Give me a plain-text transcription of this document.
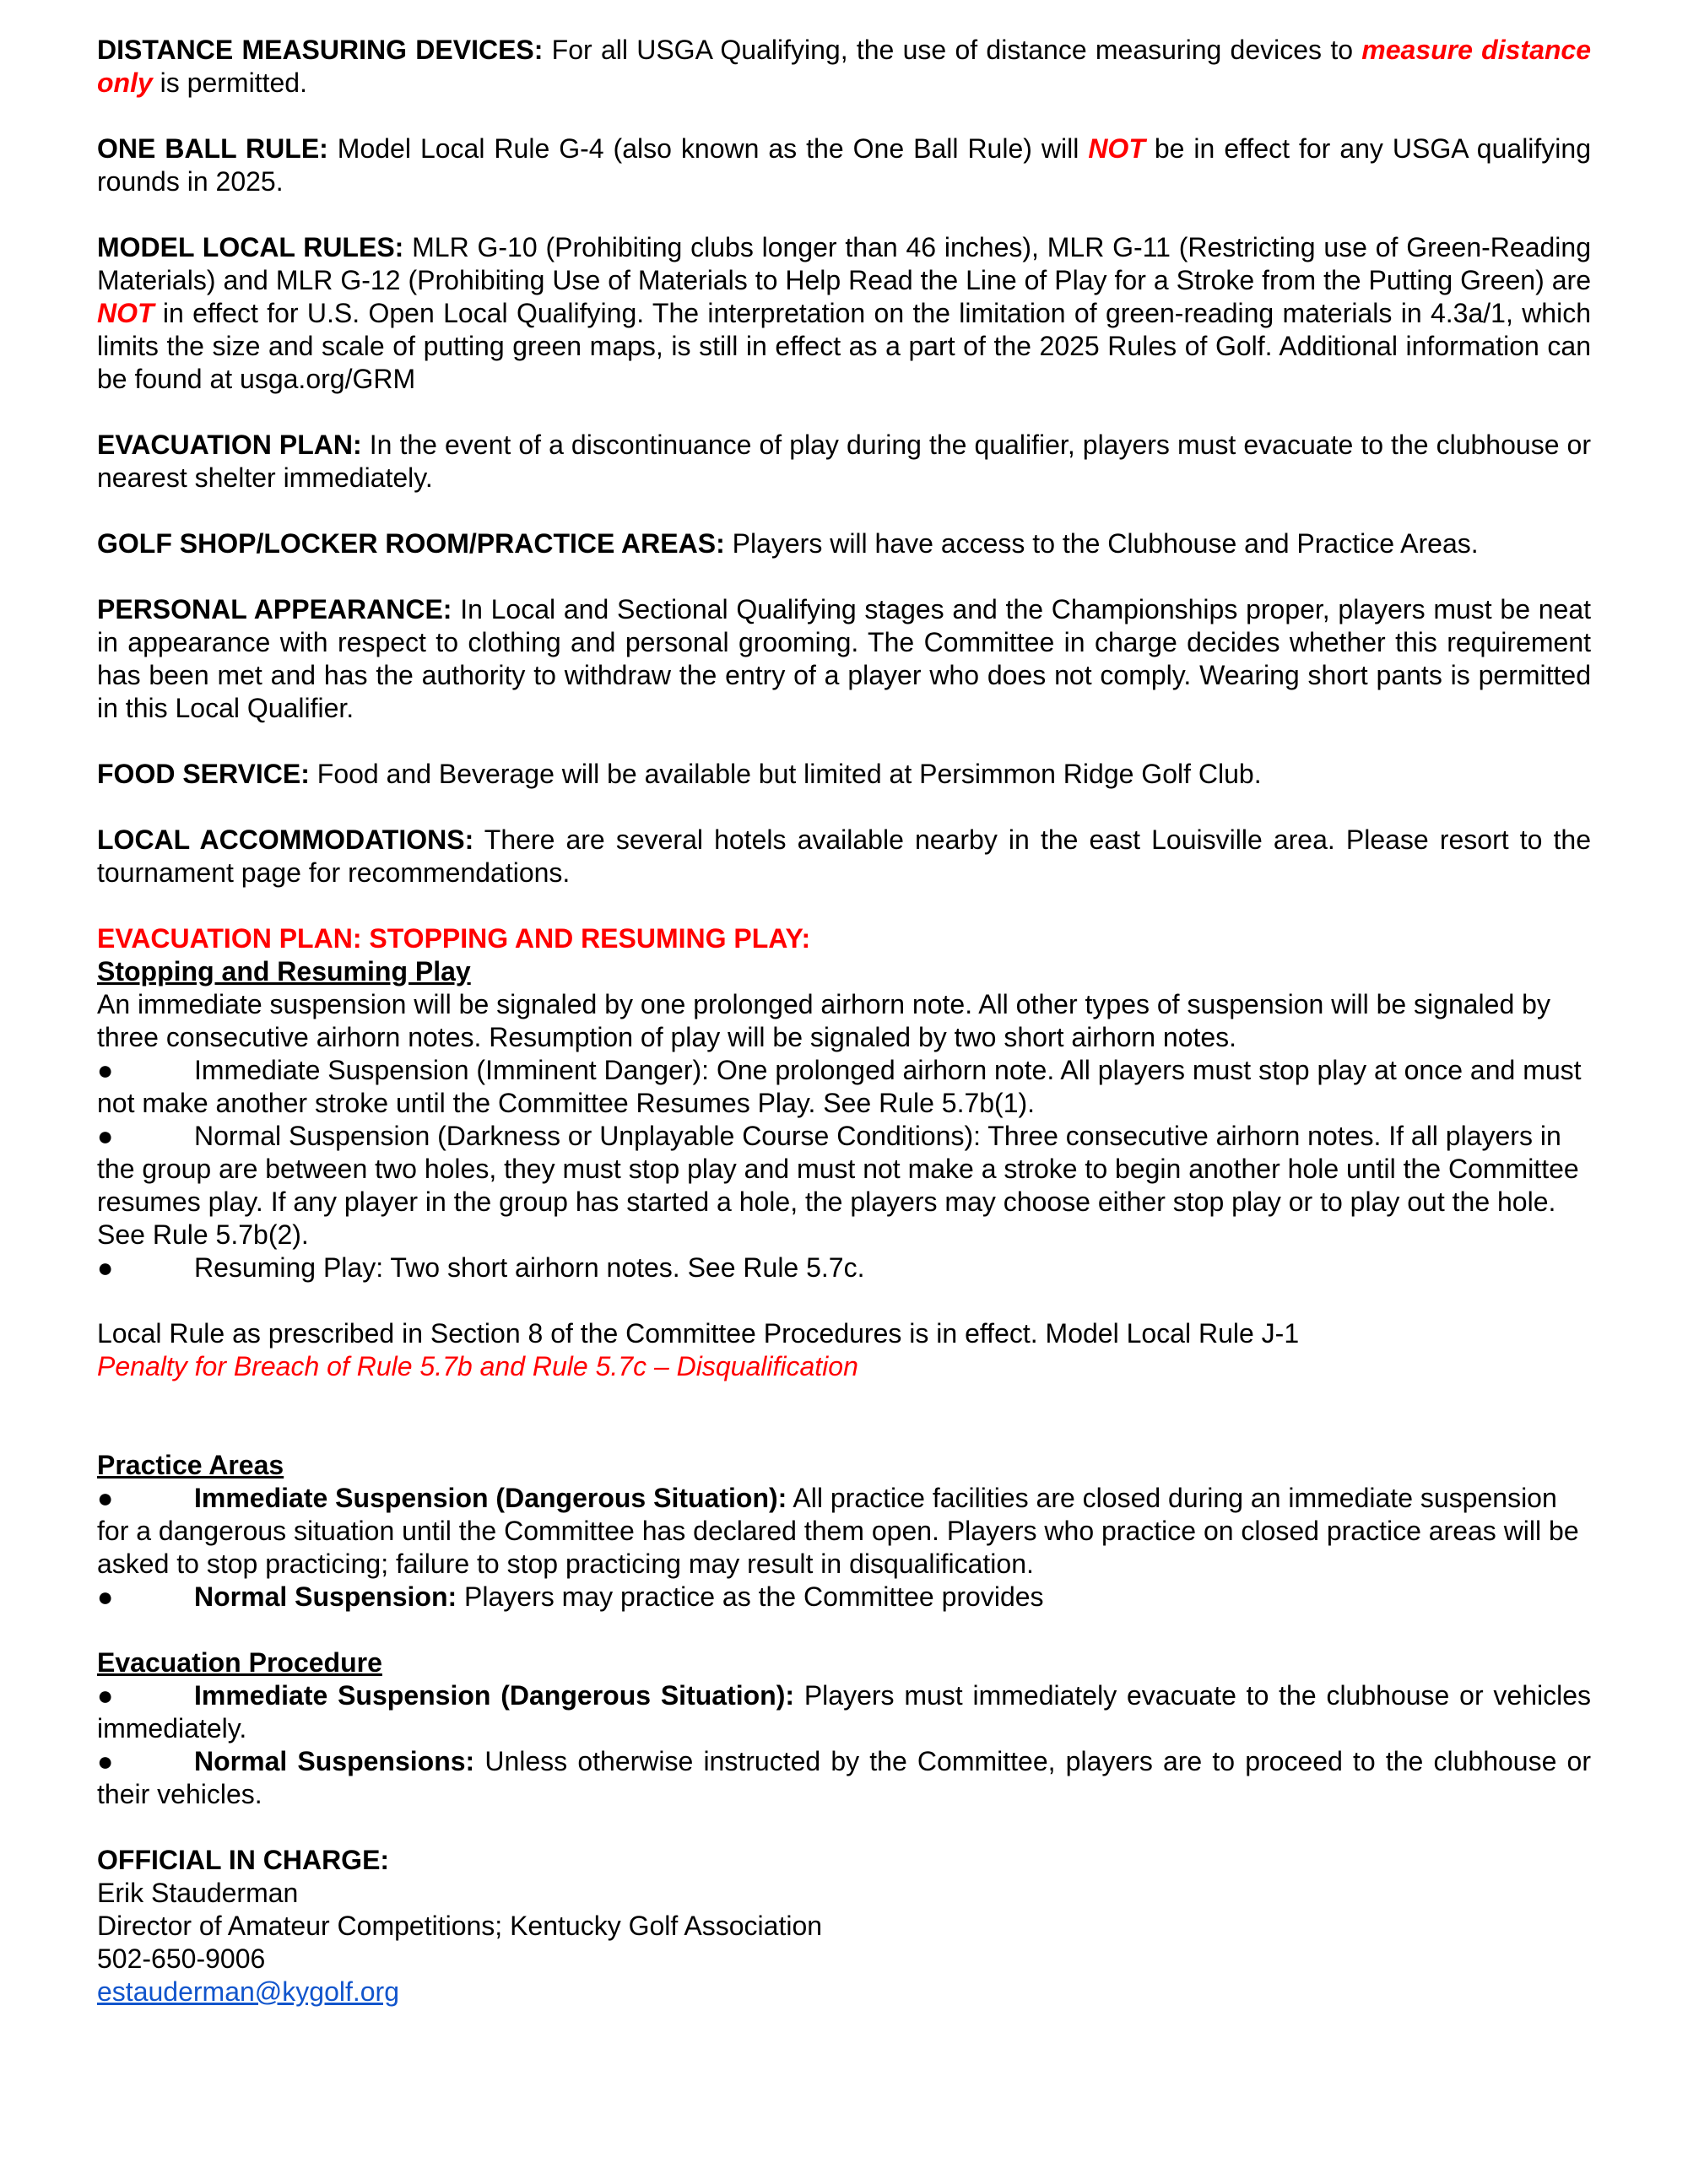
DISTANCE MEASURING DEVICES: For all USGA Qualifying, the use of distance measuring devices to measure distance only is permitted.

ONE BALL RULE: Model Local Rule G-4 (also known as the One Ball Rule) will NOT be in effect for any USGA qualifying rounds in 2025.

MODEL LOCAL RULES: MLR G-10 (Prohibiting clubs longer than 46 inches), MLR G-11 (Restricting use of Green-Reading Materials) and MLR G-12 (Prohibiting Use of Materials to Help Read the Line of Play for a Stroke from the Putting Green) are NOT in effect for U.S. Open Local Qualifying. The interpretation on the limitation of green-reading materials in 4.3a/1, which limits the size and scale of putting green maps, is still in effect as a part of the 2025 Rules of Golf. Additional information can be found at usga.org/GRM

EVACUATION PLAN: In the event of a discontinuance of play during the qualifier, players must evacuate to the clubhouse or nearest shelter immediately.

GOLF SHOP/LOCKER ROOM/PRACTICE AREAS: Players will have access to the Clubhouse and Practice Areas.

PERSONAL APPEARANCE: In Local and Sectional Qualifying stages and the Championships proper, players must be neat in appearance with respect to clothing and personal grooming. The Committee in charge decides whether this requirement has been met and has the authority to withdraw the entry of a player who does not comply. Wearing short pants is permitted in this Local Qualifier.

FOOD SERVICE: Food and Beverage will be available but limited at Persimmon Ridge Golf Club.

LOCAL ACCOMMODATIONS: There are several hotels available nearby in the east Louisville area. Please resort to the tournament page for recommendations.

EVACUATION PLAN: STOPPING AND RESUMING PLAY:

Stopping and Resuming Play

An immediate suspension will be signaled by one prolonged airhorn note. All other types of suspension will be signaled by three consecutive airhorn notes. Resumption of play will be signaled by two short airhorn notes.

●	Immediate Suspension (Imminent Danger): One prolonged airhorn note. All players must stop play at once and must not make another stroke until the Committee Resumes Play. See Rule 5.7b(1).

●	Normal Suspension (Darkness or Unplayable Course Conditions): Three consecutive airhorn notes. If all players in the group are between two holes, they must stop play and must not make a stroke to begin another hole until the Committee resumes play. If any player in the group has started a hole, the players may choose either stop play or to play out the hole. See Rule 5.7b(2).

●	Resuming Play: Two short airhorn notes. See Rule 5.7c.

Local Rule as prescribed in Section 8 of the Committee Procedures is in effect. Model Local Rule J-1

Penalty for Breach of Rule 5.7b and Rule 5.7c – Disqualification

Practice Areas

●	Immediate Suspension (Dangerous Situation): All practice facilities are closed during an immediate suspension for a dangerous situation until the Committee has declared them open. Players who practice on closed practice areas will be asked to stop practicing; failure to stop practicing may result in disqualification.

●	Normal Suspension: Players may practice as the Committee provides

Evacuation Procedure

●	Immediate Suspension (Dangerous Situation): Players must immediately evacuate to the clubhouse or vehicles immediately.

●	Normal Suspensions: Unless otherwise instructed by the Committee, players are to proceed to the clubhouse or their vehicles.

OFFICIAL IN CHARGE:

Erik Stauderman

Director of Amateur Competitions; Kentucky Golf Association

502-650-9006

estauderman@kygolf.org
